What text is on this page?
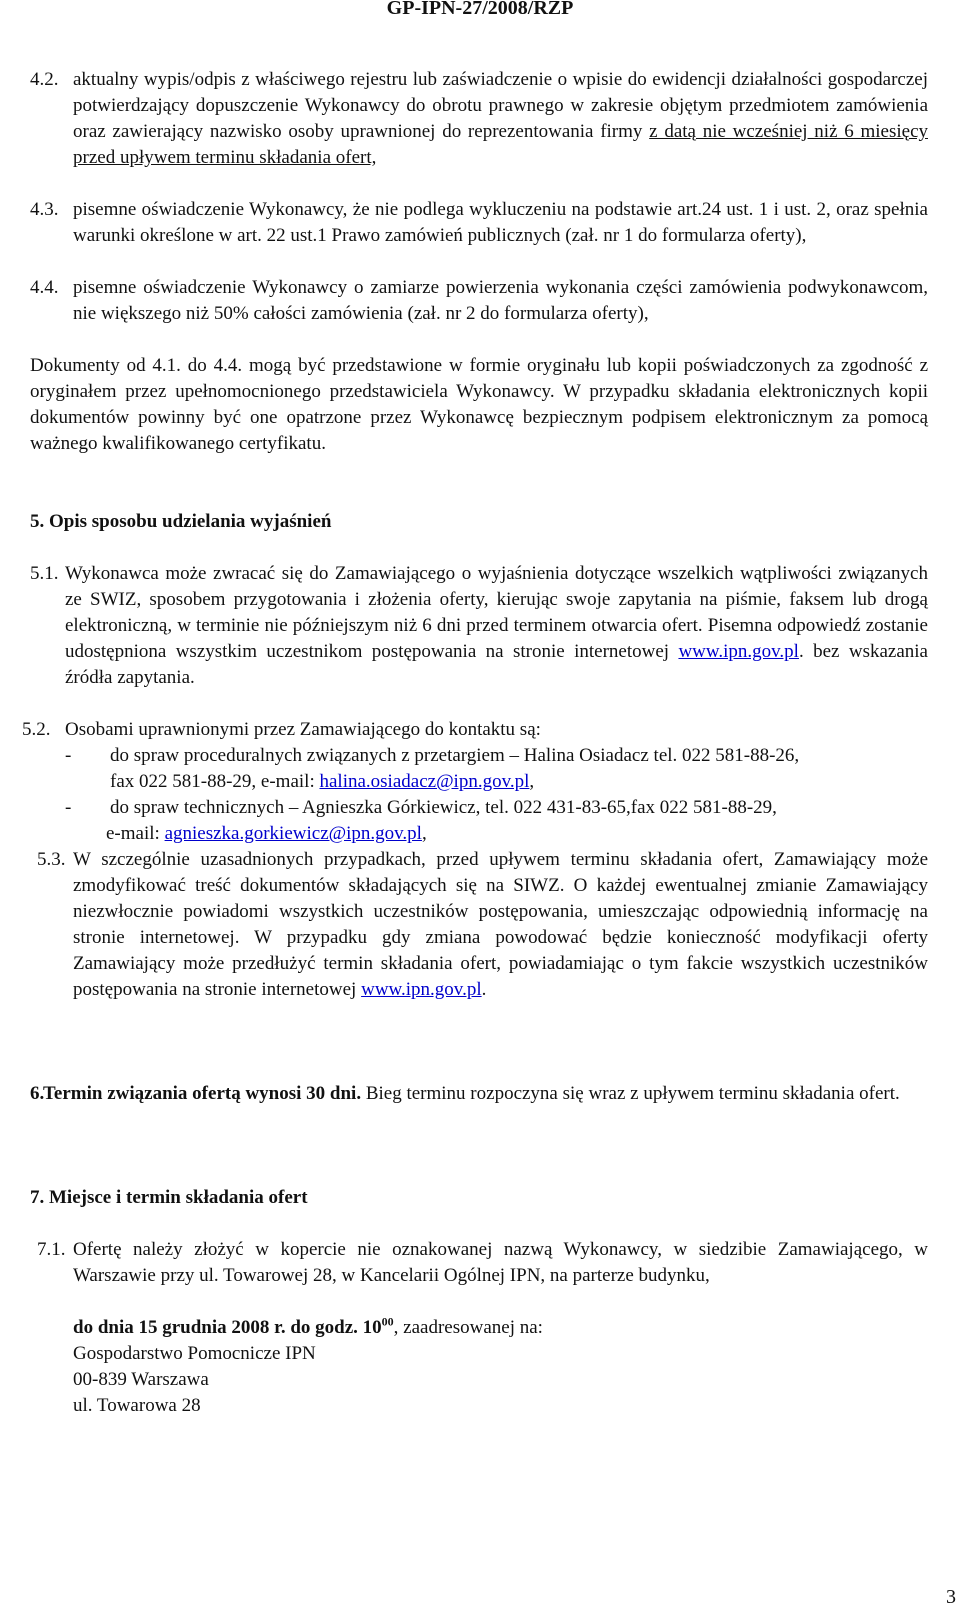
GP-IPN-27/2008/RZP
4.2. aktualny wypis/odpis z właściwego rejestru lub zaświadczenie o wpisie do ewidencji działalności gospodarczej potwierdzający dopuszczenie Wykonawcy do obrotu prawnego w zakresie objętym przedmiotem zamówienia oraz zawierający nazwisko osoby uprawnionej do reprezentowania firmy z datą nie wcześniej niż 6 miesięcy przed upływem terminu składania ofert,

4.3. pisemne oświadczenie Wykonawcy, że nie podlega wykluczeniu na podstawie art.24 ust. 1 i ust. 2, oraz spełnia warunki określone w art. 22 ust.1 Prawo zamówień publicznych (zał. nr 1 do formularza oferty),

4.4. pisemne oświadczenie Wykonawcy o zamiarze powierzenia wykonania części zamówienia podwykonawcom, nie większego niż 50% całości zamówienia (zał. nr 2 do formularza oferty),

Dokumenty od 4.1. do 4.4. mogą być przedstawione w formie oryginału lub kopii poświadczonych za zgodność z oryginałem przez upełnomocnionego przedstawiciela Wykonawcy. W przypadku składania elektronicznych kopii dokumentów powinny być one opatrzone przez Wykonawcę bezpiecznym podpisem elektronicznym za pomocą ważnego kwalifikowanego certyfikatu.

5. Opis sposobu udzielania wyjaśnień
5.1. Wykonawca może zwracać się do Zamawiającego o wyjaśnienia dotyczące wszelkich wątpliwości związanych ze SWIZ, sposobem przygotowania i złożenia oferty, kierując swoje zapytania na piśmie, faksem lub drogą elektroniczną, w terminie nie późniejszym niż 6 dni przed terminem otwarcia ofert. Pisemna odpowiedź zostanie udostępniona wszystkim uczestnikom postępowania na stronie internetowej www.ipn.gov.pl. bez wskazania źródła zapytania.

5.2. Osobami uprawnionymi przez Zamawiającego do kontaktu są:

- do spraw proceduralnych związanych z przetargiem – Halina Osiadacz tel. 022 581-88-26,
fax 022 581-88-29, e-mail: halina.osiadacz@ipn.gov.pl,

- do spraw technicznych – Agnieszka Górkiewicz, tel. 022 431-83-65,fax 022 581-88-29,
e-mail: agnieszka.gorkiewicz@ipn.gov.pl,

5.3. W szczególnie uzasadnionych przypadkach, przed upływem terminu składania ofert, Zamawiający może zmodyfikować treść dokumentów składających się na SIWZ. O każdej ewentualnej zmianie Zamawiający niezwłocznie powiadomi wszystkich uczestników postępowania, umieszczając odpowiednią informację na stronie internetowej. W przypadku gdy zmiana powodować będzie konieczność modyfikacji oferty Zamawiający może przedłużyć termin składania ofert, powiadamiając o tym fakcie wszystkich uczestników postępowania na stronie internetowej www.ipn.gov.pl.

6.

Termin związania ofertą wynosi 30 dni. Bieg terminu rozpoczyna się wraz z upływem terminu składania ofert.

7. Miejsce i termin składania ofert
7.1. Ofertę należy złożyć w kopercie nie oznakowanej nazwą Wykonawcy, w siedzibie Zamawiającego, w Warszawie przy ul. Towarowej 28, w Kancelarii Ogólnej IPN, na parterze budynku,

do dnia 15 grudnia 2008 r. do godz. $10^{00}$, zaadresowanej na:

Gospodarstwo Pomocnicze IPN
00-839 Warszawa
ul. Towarowa 28
3
